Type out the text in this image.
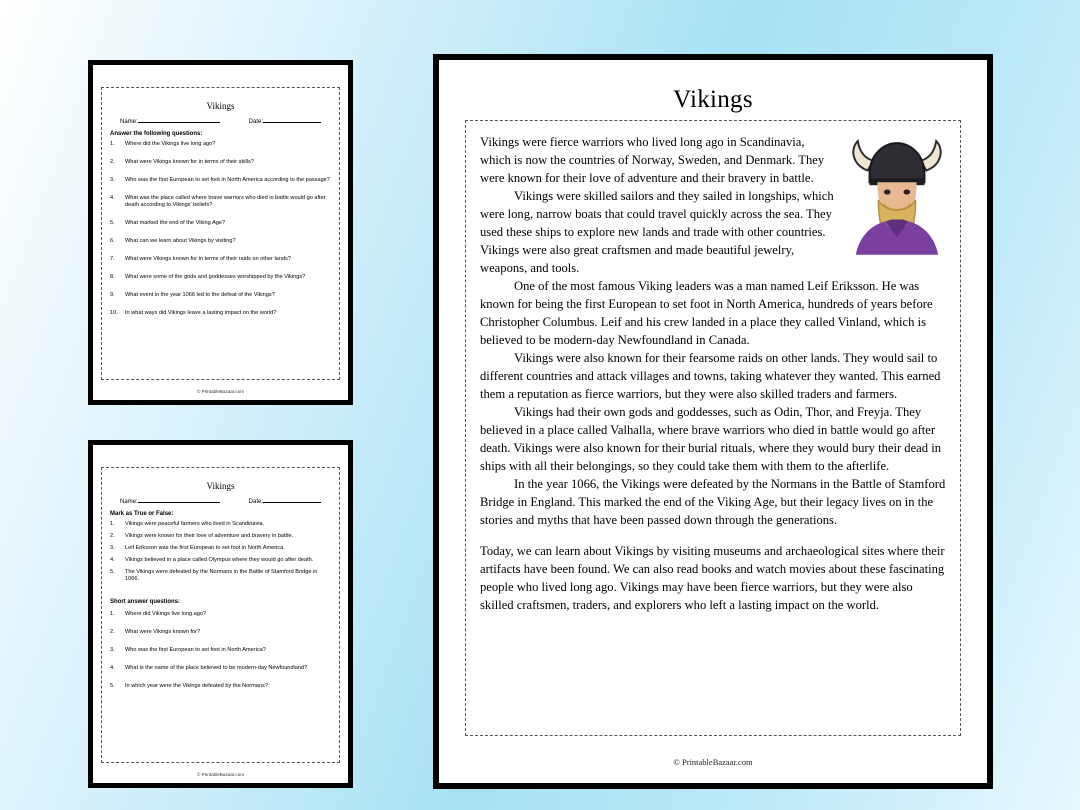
Vikings
Name:	Date:
Answer the following questions:
1.	Where did the Vikings live long ago?
2.	What were Vikings known for in terms of their skills?
3.	Who was the first European to set foot in North America according to the passage?
4.	What was the place called where brave warriors who died in battle would go after death according to Vikings' beliefs?
5.	What marked the end of the Viking Age?
6.	What can we learn about Vikings by visiting?
7.	What were Vikings known for in terms of their raids on other lands?
8.	What were some of the gods and goddesses worshipped by the Vikings?
9.	What event in the year 1066 led to the defeat of the Vikings?
10.	In what ways did Vikings leave a lasting impact on the world?
© PrintableBazaar.com
Vikings
Name:	Date:
Mark as True or False:
1.	Vikings were peaceful farmers who lived in Scandinavia.
2.	Vikings were known for their love of adventure and bravery in battle.
3.	Leif Eriksson was the first European to set foot in North America.
4.	Vikings believed in a place called Olympus where they would go after death.
5.	The Vikings were defeated by the Normans in the Battle of Stamford Bridge in 1066.
Short answer questions:
1.	Where did Vikings live long ago?
2.	What were Vikings known for?
3.	Who was the first European to set foot in North America?
4.	What is the name of the place believed to be modern-day Newfoundland?
5.	In which year were the Vikings defeated by the Normans?
© PrintableBazaar.com
Vikings

Vikings were fierce warriors who lived long ago in Scandinavia, which is now the countries of Norway, Sweden, and Denmark. They were known for their love of adventure and their bravery in battle.

Vikings were skilled sailors and they sailed in longships, which were long, narrow boats that could travel quickly across the sea. They used these ships to explore new lands and trade with other countries. Vikings were also great craftsmen and made beautiful jewelry, weapons, and tools.

One of the most famous Viking leaders was a man named Leif Eriksson. He was known for being the first European to set foot in North America, hundreds of years before Christopher Columbus. Leif and his crew landed in a place they called Vinland, which is believed to be modern-day Newfoundland in Canada.

Vikings were also known for their fearsome raids on other lands. They would sail to different countries and attack villages and towns, taking whatever they wanted. This earned them a reputation as fierce warriors, but they were also skilled traders and farmers.

Vikings had their own gods and goddesses, such as Odin, Thor, and Freyja. They believed in a place called Valhalla, where brave warriors who died in battle would go after death. Vikings were also known for their burial rituals, where they would bury their dead in ships with all their belongings, so they could take them with them to the afterlife.

In the year 1066, the Vikings were defeated by the Normans in the Battle of Stamford Bridge in England. This marked the end of the Viking Age, but their legacy lives on in the stories and myths that have been passed down through the generations.

Today, we can learn about Vikings by visiting museums and archaeological sites where their artifacts have been found. We can also read books and watch movies about these fascinating people who lived long ago. Vikings may have been fierce warriors, but they were also skilled craftsmen, traders, and explorers who left a lasting impact on the world.

© PrintableBazaar.com
